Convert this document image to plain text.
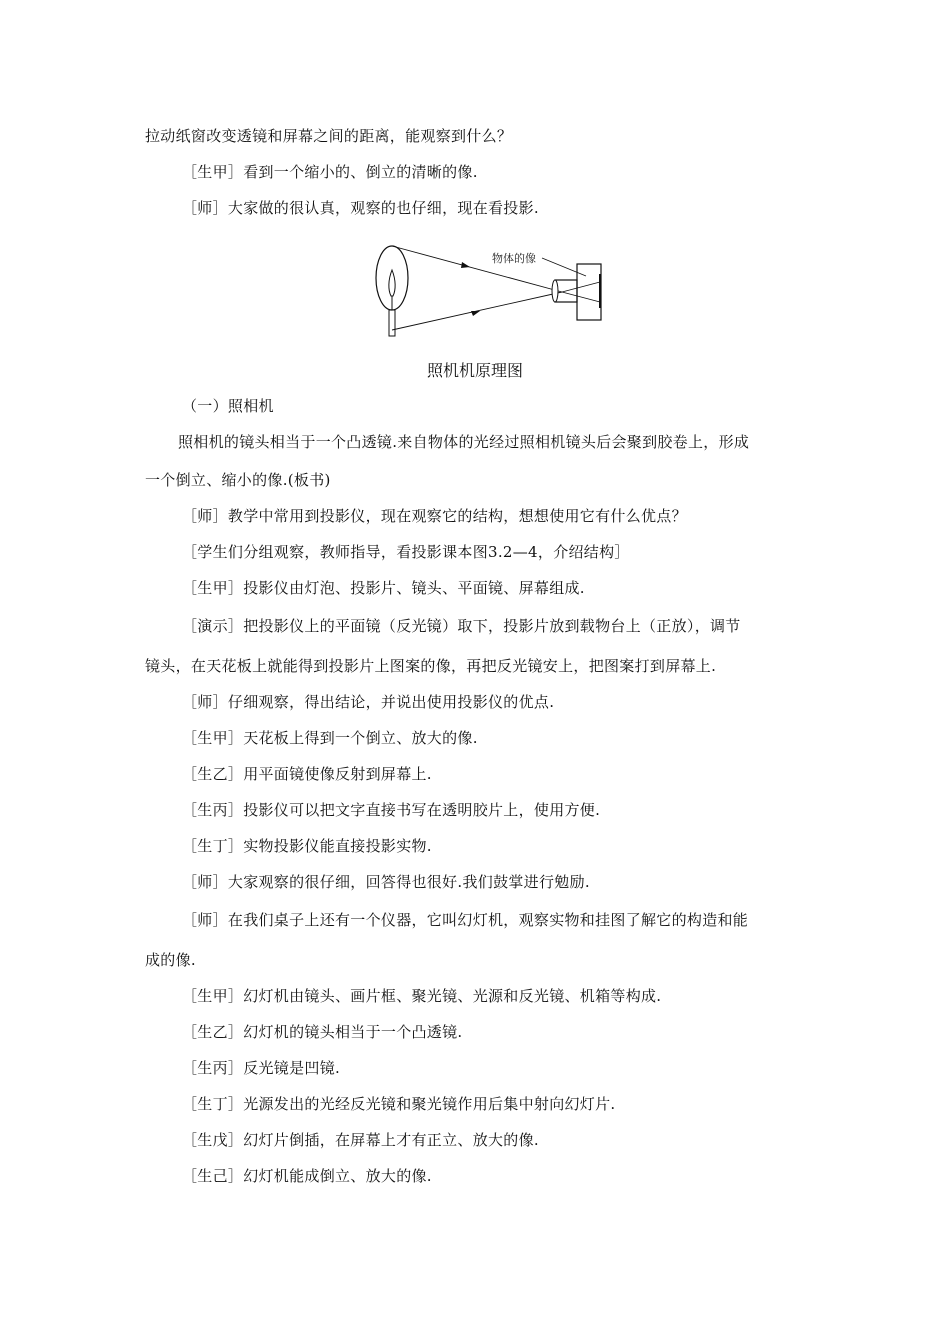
拉动纸窗改变透镜和屏幕之间的距离，能观察到什么？
［生甲］看到一个缩小的、倒立的清晰的像.
［师］大家做的很认真，观察的也仔细，现在看投影.
物体的像
照机机原理图
（一）照相机
照相机的镜头相当于一个凸透镜.来自物体的光经过照相机镜头后会聚到胶卷上，形成
一个倒立、缩小的像.(板书)
［师］教学中常用到投影仪，现在观察它的结构，想想使用它有什么优点？
［学生们分组观察，教师指导，看投影课本图3.2—4，介绍结构］
［生甲］投影仪由灯泡、投影片、镜头、平面镜、屏幕组成.
［演示］把投影仪上的平面镜（反光镜）取下，投影片放到载物台上（正放），调节
镜头，在天花板上就能得到投影片上图案的像，再把反光镜安上，把图案打到屏幕上.
［师］仔细观察，得出结论，并说出使用投影仪的优点.
［生甲］天花板上得到一个倒立、放大的像.
［生乙］用平面镜使像反射到屏幕上.
［生丙］投影仪可以把文字直接书写在透明胶片上，使用方便.
［生丁］实物投影仪能直接投影实物.
［师］大家观察的很仔细，回答得也很好.我们鼓掌进行勉励.
［师］在我们桌子上还有一个仪器，它叫幻灯机，观察实物和挂图了解它的构造和能
成的像.
［生甲］幻灯机由镜头、画片框、聚光镜、光源和反光镜、机箱等构成.
［生乙］幻灯机的镜头相当于一个凸透镜.
［生丙］反光镜是凹镜.
［生丁］光源发出的光经反光镜和聚光镜作用后集中射向幻灯片.
［生戊］幻灯片倒插，在屏幕上才有正立、放大的像.
［生己］幻灯机能成倒立、放大的像.
